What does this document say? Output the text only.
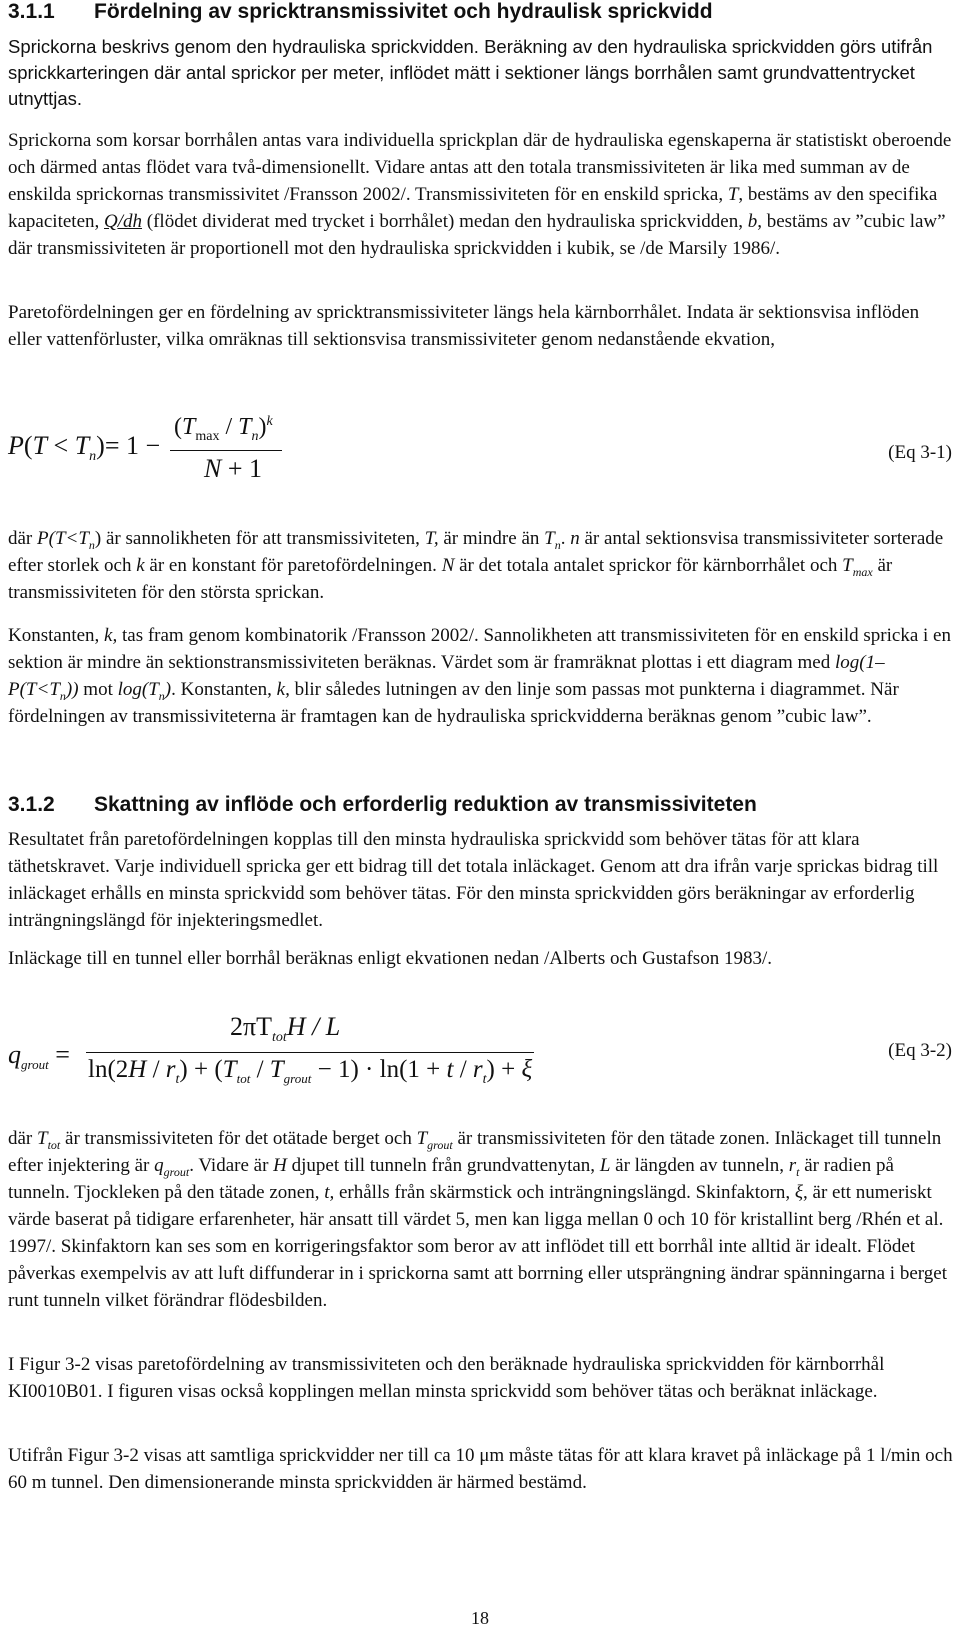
3.1.1 Fördelning av spricktransmissivitet och hydraulisk sprickvidd
Sprickorna beskrivs genom den hydrauliska sprickvidden. Beräkning av den hydrauliska sprickvidden görs utifrån sprickkarteringen där antal sprickor per meter, inflödet mätt i sektioner längs borrhålen samt grundvattentrycket utnyttjas.
Sprickorna som korsar borrhålen antas vara individuella sprickplan där de hydrauliska egenskaperna är statistiskt oberoende och därmed antas flödet vara två-dimensionellt. Vidare antas att den totala transmissiviteten är lika med summan av de enskilda sprickornas transmissivitet /Fransson 2002/. Transmissiviteten för en enskild spricka, T, bestäms av den specifika kapaciteten, Q/dh (flödet dividerat med trycket i borrhålet) medan den hydrauliska sprickvidden, b, bestäms av ”cubic law” där transmissiviteten är proportionell mot den hydrauliska sprickvidden i kubik, se /de Marsily 1986/.
Paretofördelningen ger en fördelning av spricktransmissiviteter längs hela kärnborrhålet. Indata är sektionsvisa inflöden eller vattenförluster, vilka omräknas till sektionsvisa transmissiviteter genom nedanstående ekvation,
$P(T < T_n)= 1$ −
$(T_{max} / T_n)^k$
N + 1
(Eq 3-1)
där $P(T<T_n)$ är sannolikheten för att transmissiviteten, T, är mindre än $T_n$. n är antal sektionsvisa transmissiviteter sorterade efter storlek och k är en konstant för paretofördelningen. N är det totala antalet sprickor för kärnborrhålet och $T_{max}$ är transmissiviteten för den största sprickan.
Konstanten, k, tas fram genom kombinatorik /Fransson 2002/. Sannolikheten att transmissiviteten för en enskild spricka i en sektion är mindre än sektionstransmissiviteten beräknas. Värdet som är framräknat plottas i ett diagram med $\log(1-P(T<T_n))$ mot $\log(T_n)$. Konstanten, k, blir således lutningen av den linje som passas mot punkterna i diagrammet. När fördelningen av transmissiviteterna är framtagen kan de hydrauliska sprickvidderna beräknas genom ”cubic law”.
3.1.2 Skattning av inflöde och erforderlig reduktion av transmissiviteten
Resultatet från paretofördelningen kopplas till den minsta hydrauliska sprickvidd som behöver tätas för att klara täthetskravet. Varje individuell spricka ger ett bidrag till det totala inläckaget. Genom att dra ifrån varje sprickas bidrag till inläckaget erhålls en minsta sprickvidd som behöver tätas. För den minsta sprickvidden görs beräkningar av erforderlig inträngningslängd för injekteringsmedlet.
Inläckage till en tunnel eller borrhål beräknas enligt ekvationen nedan /Alberts och Gustafson 1983/.
$q_{grout}$ =
$2\pi T_{tot}H$ / L
$\ln(2H / r_t) + (T_{tot} / T_{grout} - 1) \cdot \ln(1 + t / r_t) + \xi$
(Eq 3-2)
där $T_{tot}$ är transmissiviteten för det otätade berget och $T_{grout}$ är transmissiviteten för den tätade zonen. Inläckaget till tunneln efter injektering är $q_{grout}$. Vidare är H djupet till tunneln från grundvattenytan, L är längden av tunneln, $r_t$ är radien på tunneln. Tjockleken på den tätade zonen, t, erhålls från skärmstick och inträngningslängd. Skinfaktorn, ξ, är ett numeriskt värde baserat på tidigare erfarenheter, här ansatt till värdet 5, men kan ligga mellan 0 och 10 för kristallint berg /Rhén et al. 1997/. Skinfaktorn kan ses som en korrigeringsfaktor som beror av att inflödet till ett borrhål inte alltid är idealt. Flödet påverkas exempelvis av att luft diffunderar in i sprickorna samt att borrning eller utsprängning ändrar spänningarna i berget runt tunneln vilket förändrar flödesbilden.
I Figur 3-2 visas paretofördelning av transmissiviteten och den beräknade hydrauliska sprickvidden för kärnborrhål KI0010B01. I figuren visas också kopplingen mellan minsta sprickvidd som behöver tätas och beräknat inläckage.
Utifrån Figur 3-2 visas att samtliga sprickvidder ner till ca 10 μm måste tätas för att klara kravet på inläckage på 1 l/min och 60 m tunnel. Den dimensionerande minsta sprickvidden är härmed bestämd.
18
